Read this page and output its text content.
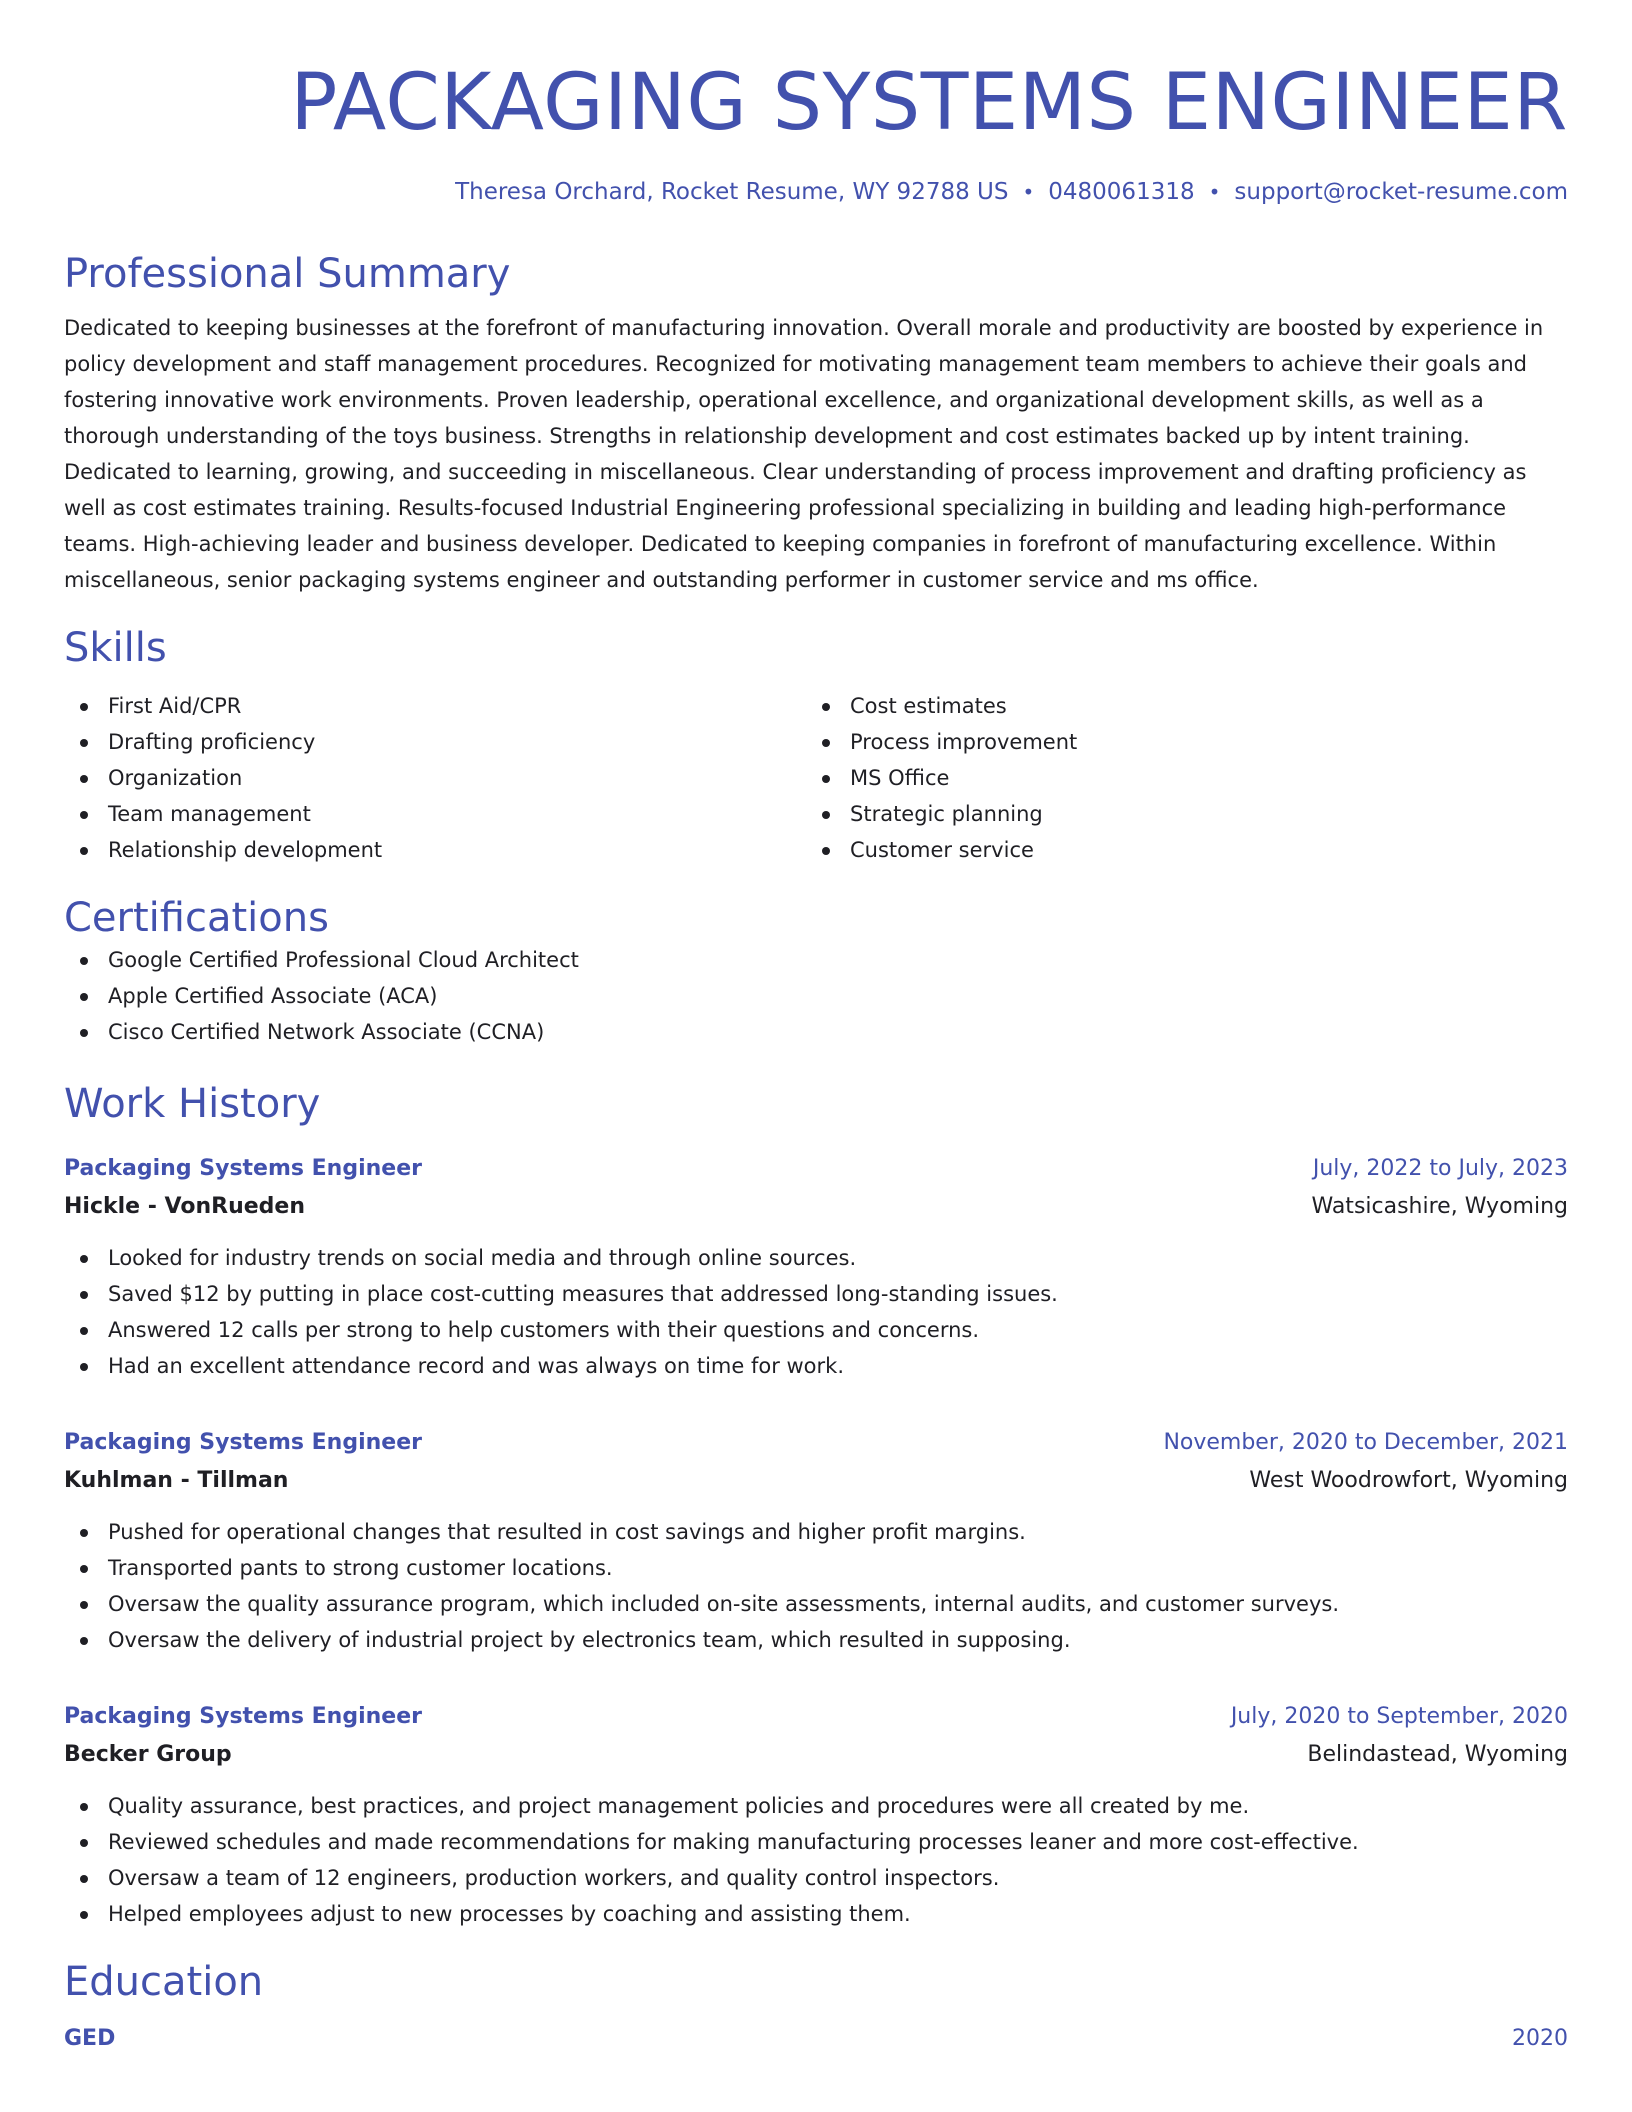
PACKAGING SYSTEMS ENGINEER
Theresa Orchard, Rocket Resume, WY 92788 US • 0480061318 • support@rocket-resume.com
Professional Summary
Dedicated to keeping businesses at the forefront of manufacturing innovation. Overall morale and productivity are boosted by experience in policy development and staff management procedures. Recognized for motivating management team members to achieve their goals and fostering innovative work environments. Proven leadership, operational excellence, and organizational development skills, as well as a thorough understanding of the toys business. Strengths in relationship development and cost estimates backed up by intent training. Dedicated to learning, growing, and succeeding in miscellaneous. Clear understanding of process improvement and drafting proficiency as well as cost estimates training. Results-focused Industrial Engineering professional specializing in building and leading high-performance teams. High-achieving leader and business developer. Dedicated to keeping companies in forefront of manufacturing excellence. Within miscellaneous, senior packaging systems engineer and outstanding performer in customer service and ms office.
Skills
First Aid/CPR
Drafting proficiency
Organization
Team management
Relationship development
Cost estimates
Process improvement
MS Office
Strategic planning
Customer service
Certifications
Google Certified Professional Cloud Architect
Apple Certified Associate (ACA)
Cisco Certified Network Associate (CCNA)
Work History
Packaging Systems Engineer	July, 2022 to July, 2023
Hickle - VonRueden	Watsicashire, Wyoming
Looked for industry trends on social media and through online sources.
Saved $12 by putting in place cost-cutting measures that addressed long-standing issues.
Answered 12 calls per strong to help customers with their questions and concerns.
Had an excellent attendance record and was always on time for work.
Packaging Systems Engineer	November, 2020 to December, 2021
Kuhlman - Tillman	West Woodrowfort, Wyoming
Pushed for operational changes that resulted in cost savings and higher profit margins.
Transported pants to strong customer locations.
Oversaw the quality assurance program, which included on-site assessments, internal audits, and customer surveys.
Oversaw the delivery of industrial project by electronics team, which resulted in supposing.
Packaging Systems Engineer	July, 2020 to September, 2020
Becker Group	Belindastead, Wyoming
Quality assurance, best practices, and project management policies and procedures were all created by me.
Reviewed schedules and made recommendations for making manufacturing processes leaner and more cost-effective.
Oversaw a team of 12 engineers, production workers, and quality control inspectors.
Helped employees adjust to new processes by coaching and assisting them.
Education
GED	2020
